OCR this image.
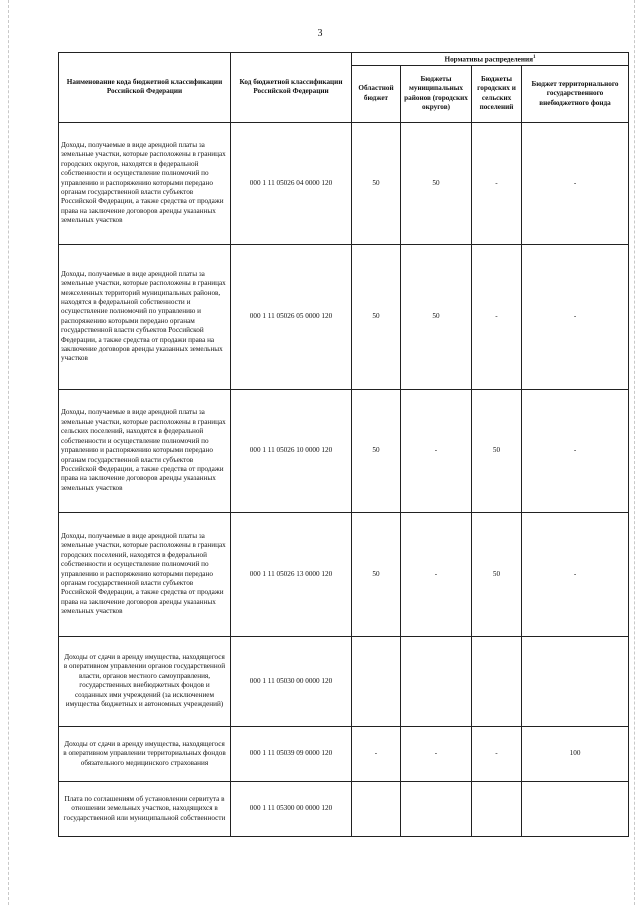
3
Наименование кода бюджетной классификации Российской Федерации	Код бюджетной классификации Российской Федерации	Нормативы распределения$^1$
		Областной бюджет	Бюджеты муниципальных районов (городских округов)	Бюджеты городских и сельских поселений	Бюджет территориального государственного внебюджетного фонда
Доходы, получаемые в виде арендной платы за земельные участки, которые расположены в границах городских округов, находятся в федеральной собственности и осуществление полномочий по управлению и распоряжению которыми передано органам государственной власти субъектов Российской Федерации, а также средства от продажи права на заключение договоров аренды указанных земельных участков	000 1 11 05026 04 0000 120	50	50	-	-
Доходы, получаемые в виде арендной платы за земельные участки, которые расположены в границах межселенных территорий муниципальных районов, находятся в федеральной собственности и осуществление полномочий по управлению и распоряжению которыми передано органам государственной власти субъектов Российской Федерации, а также средства от продажи права на заключение договоров аренды указанных земельных участков	000 1 11 05026 05 0000 120	50	50	-	-
Доходы, получаемые в виде арендной платы за земельные участки, которые расположены в границах сельских поселений, находятся в федеральной собственности и осуществление полномочий по управлению и распоряжению которыми передано органам государственной власти субъектов Российской Федерации, а также средства от продажи права на заключение договоров аренды указанных земельных участков	000 1 11 05026 10 0000 120	50	-	50	-
Доходы, получаемые в виде арендной платы за земельные участки, которые расположены в границах городских поселений, находятся в федеральной собственности и осуществление полномочий по управлению и распоряжению которыми передано органам государственной власти субъектов Российской Федерации, а также средства от продажи права на заключение договоров аренды указанных земельных участков	000 1 11 05026 13 0000 120	50	-	50	-
Доходы от сдачи в аренду имущества, находящегося в оперативном управлении органов государственной власти, органов местного самоуправления, государственных внебюджетных фондов и созданных ими учреждений (за исключением имущества бюджетных и автономных учреждений)	000 1 11 05030 00 0000 120				
Доходы от сдачи в аренду имущества, находящегося в оперативном управлении территориальных фондов обязательного медицинского страхования	000 1 11 05039 09 0000 120	-	-	-	100
Плата по соглашениям об установлении сервитута в отношении земельных участков, находящихся в государственной или муниципальной собственности	000 1 11 05300 00 0000 120				
